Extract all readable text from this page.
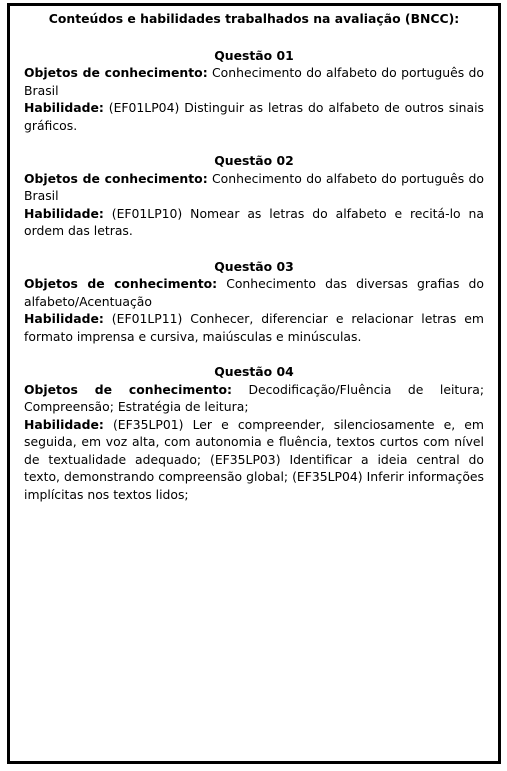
Conteúdos e habilidades trabalhados na avaliação (BNCC):

Questão 01

Objetos de conhecimento: Conhecimento do alfabeto do português do Brasil

Habilidade: (EF01LP04) Distinguir as letras do alfabeto de outros sinais gráficos.

Questão 02

Objetos de conhecimento: Conhecimento do alfabeto do português do Brasil

Habilidade: (EF01LP10) Nomear as letras do alfabeto e recitá-lo na ordem das letras.

Questão 03

Objetos de conhecimento: Conhecimento das diversas grafias do alfabeto/Acentuação

Habilidade: (EF01LP11) Conhecer, diferenciar e relacionar letras em formato imprensa e cursiva, maiúsculas e minúsculas.

Questão 04

Objetos de conhecimento: Decodificação/Fluência de leitura; Compreensão; Estratégia de leitura;

Habilidade: (EF35LP01) Ler e compreender, silenciosamente e, em seguida, em voz alta, com autonomia e fluência, textos curtos com nível de textualidade adequado; (EF35LP03) Identificar a ideia central do texto, demonstrando compreensão global; (EF35LP04) Inferir informações implícitas nos textos lidos;
